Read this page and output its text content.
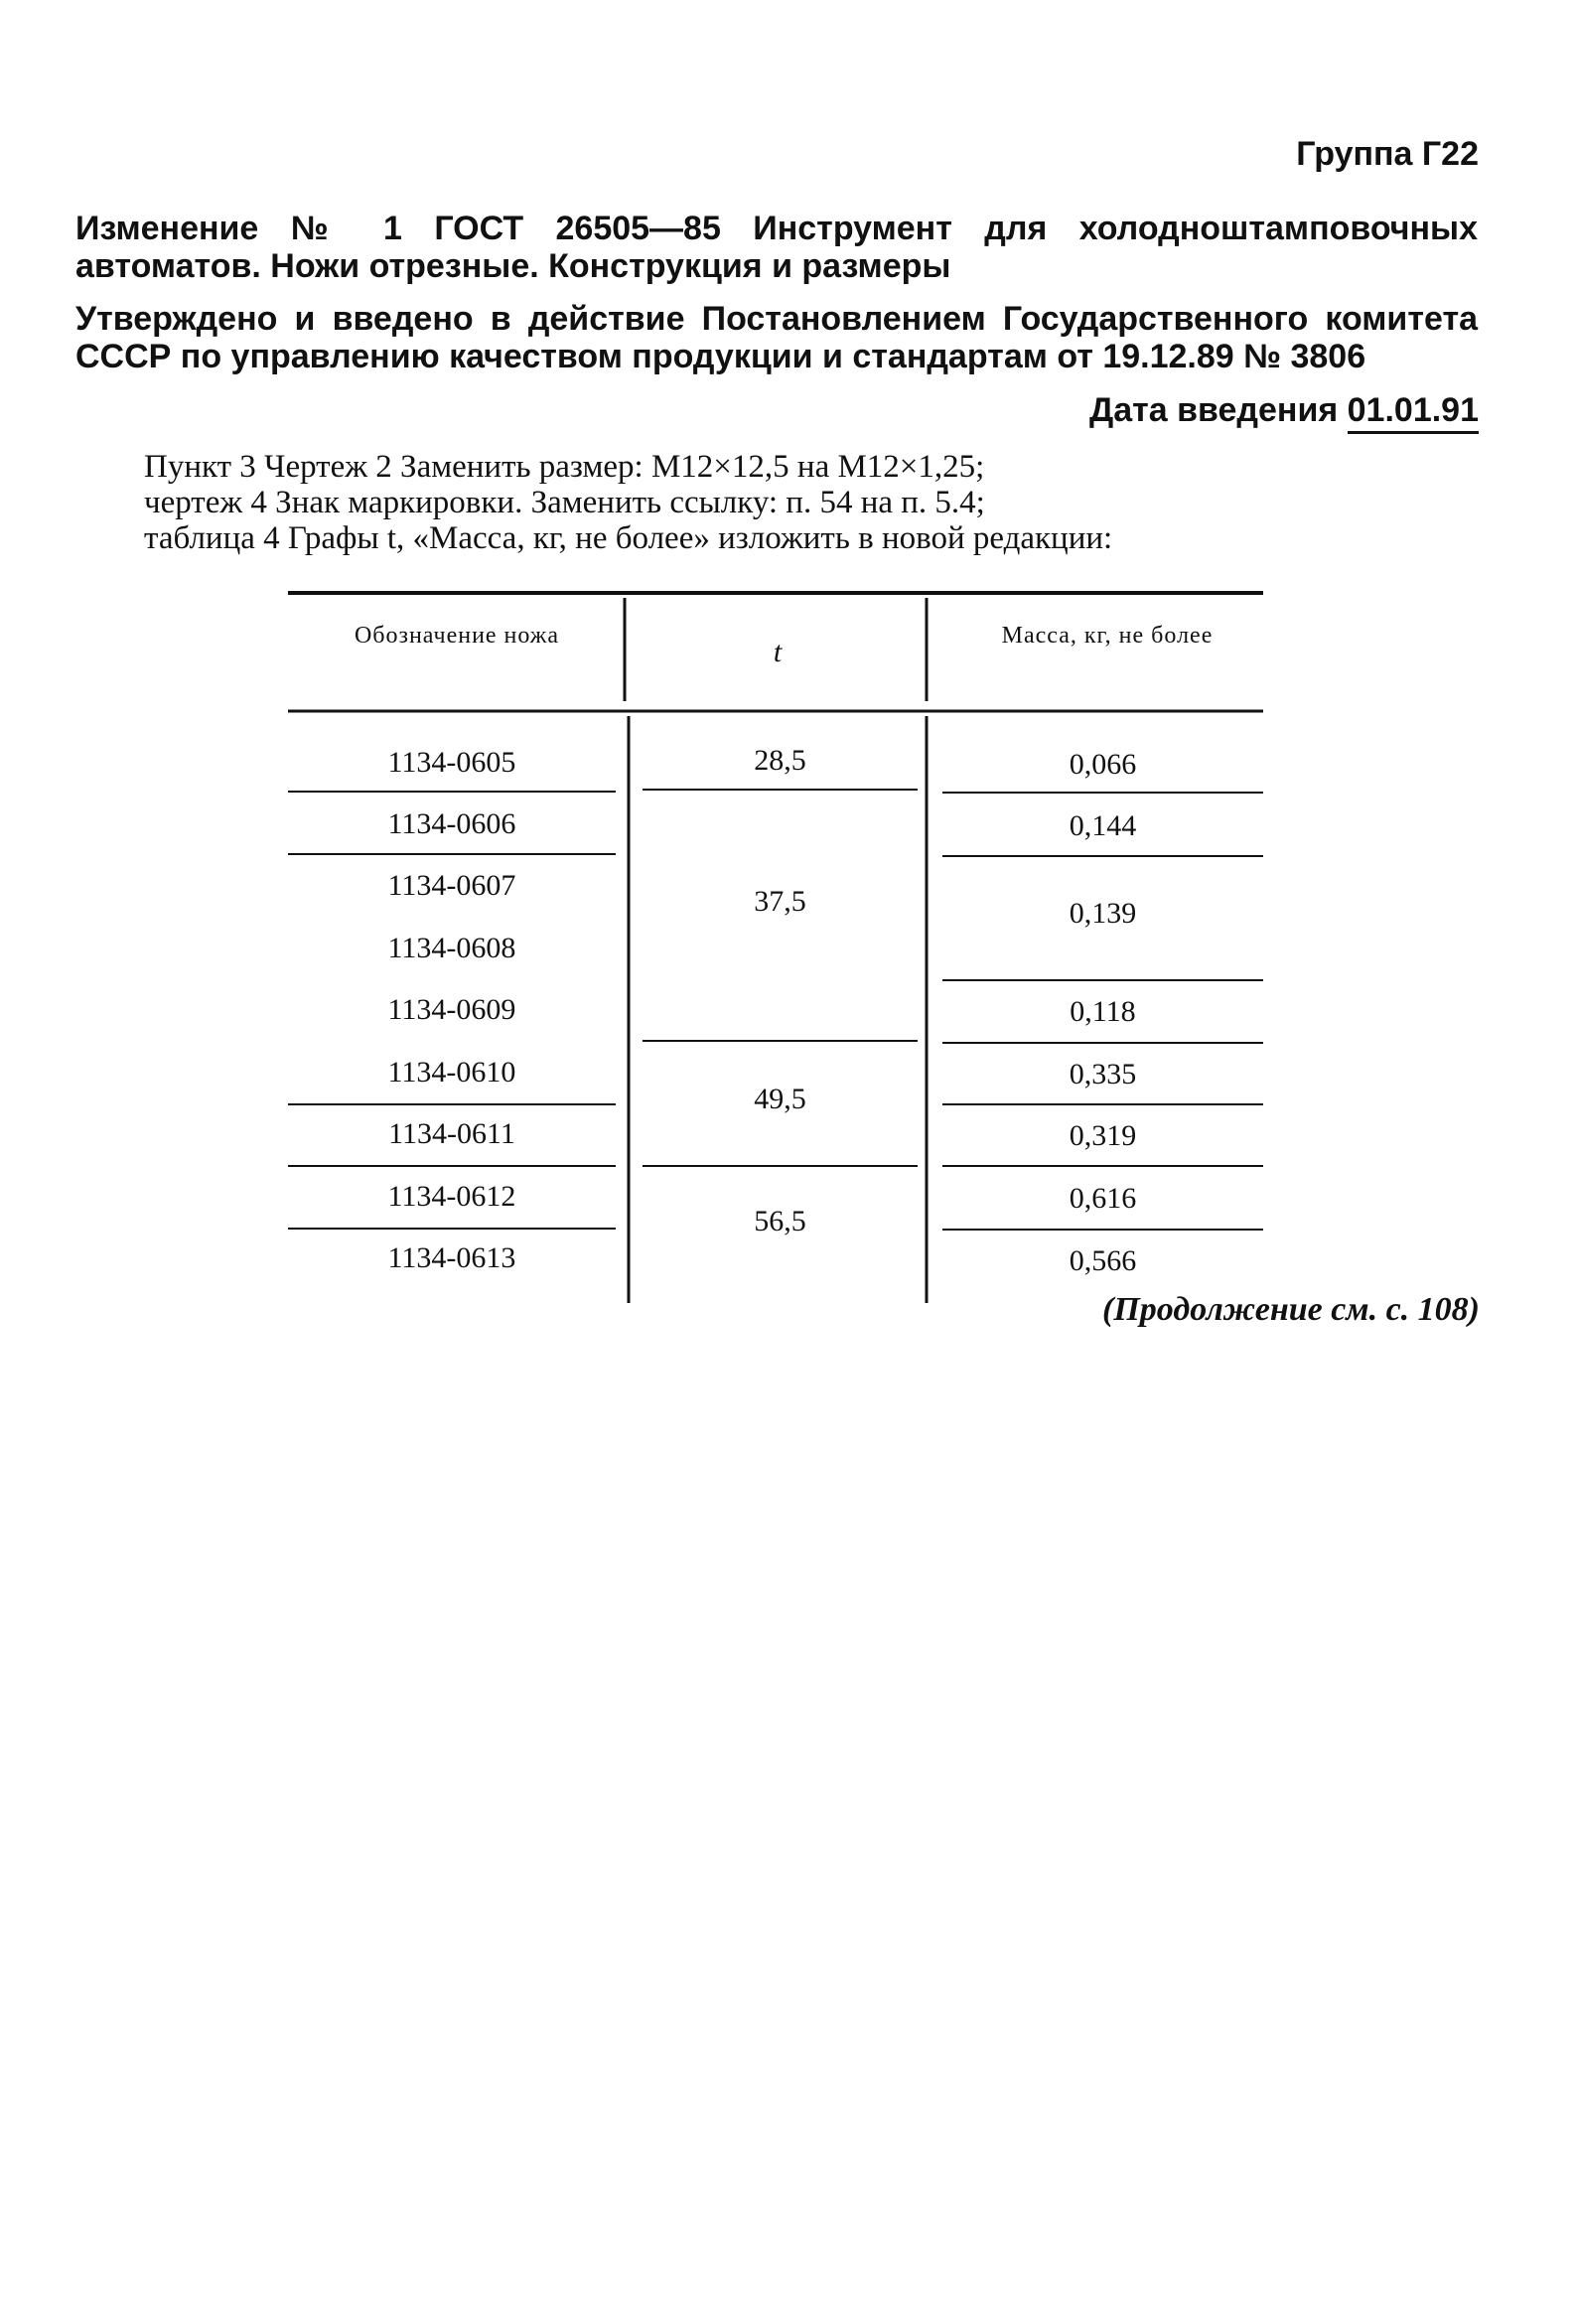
Группа Г22
Изменение № 1 ГОСТ 26505—85 Инструмент для холодноштамповочных автоматов. Ножи отрезные. Конструкция и размеры
Утверждено и введено в действие Постановлением Государственного комитета СССР по управлению качеством продукции и стандартам от 19.12.89 № 3806
Дата введения 01.01.91
Пункт 3 Чертеж 2 Заменить размер: М12×12,5 на М12×1,25;
чертеж 4 Знак маркировки. Заменить ссылку: п. 54 на п. 5.4;
таблица 4 Графы t, «Масса, кг, не более» изложить в новой редакции:
Обозначение ножа	t	Масса, кг, не более
1134-0605
1134-0606
1134-0607
1134-0608
1134-0609
1134-0610
1134-0611
1134-0612
1134-0613
28,5
37,5
49,5
56,5
0,066
0,144
0,139
0,118
0,335
0,319
0,616
0,566
(Продолжение см. с. 108)
